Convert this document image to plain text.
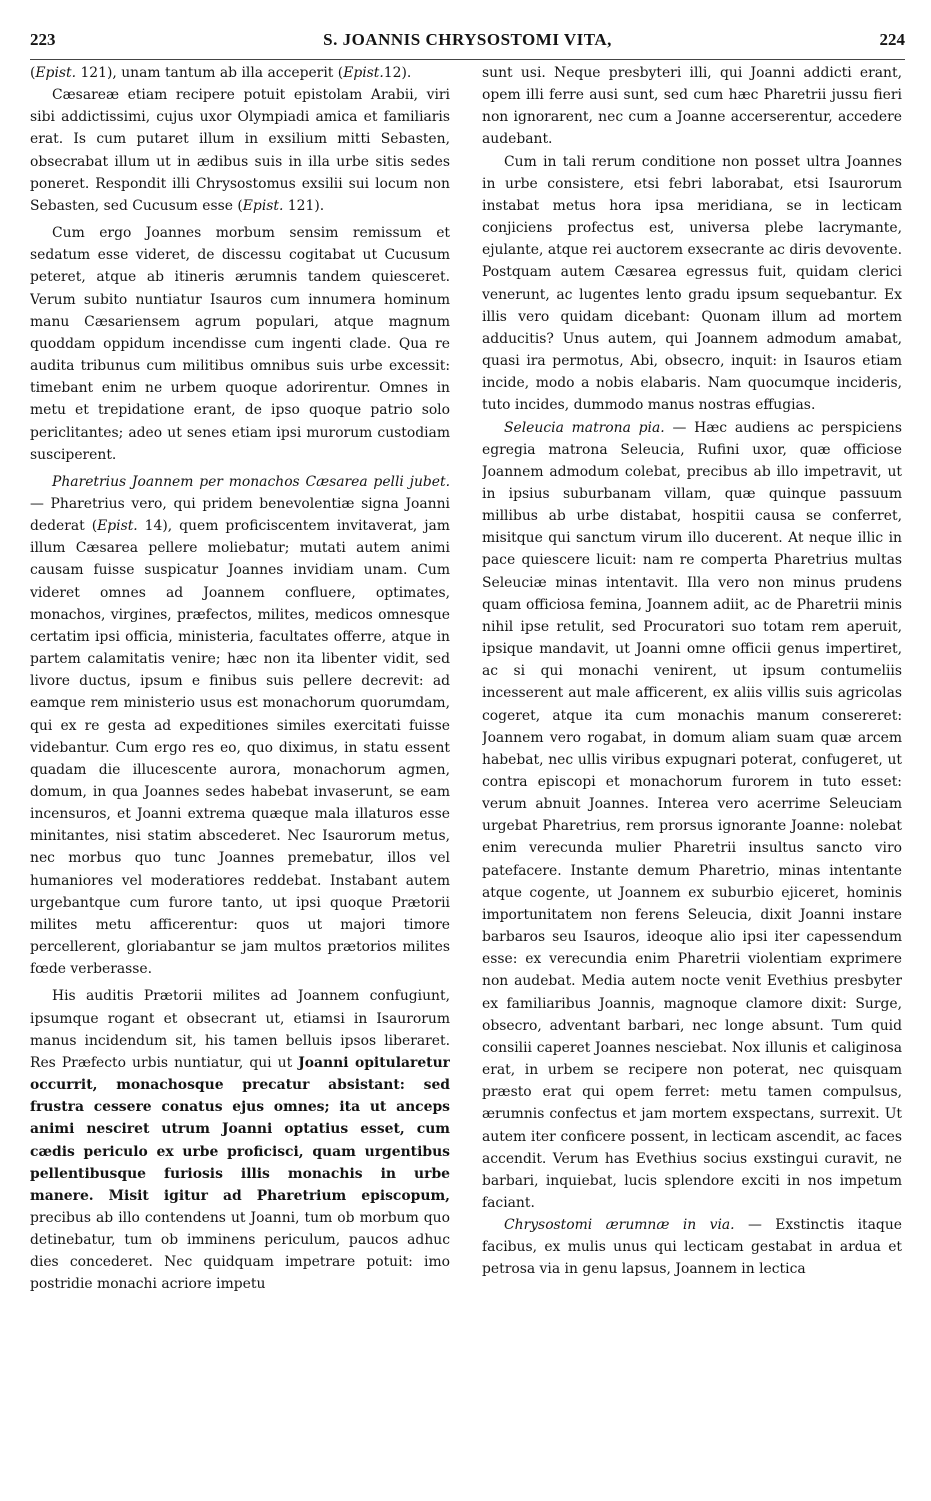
223	S. JOANNIS CHRYSOSTOMI VITA,	224

(Epist. 121), unam tantum ab illa acceperit (Epist.12).

Cæsareæ etiam recipere potuit epistolam Arabii, viri sibi addictissimi, cujus uxor Olympiadi amica et familiaris erat. Is cum putaret illum in exsilium mitti Sebasten, obsecrabat illum ut in ædibus suis in illa urbe sitis sedes poneret. Respondit illi Chrysostomus exsilii sui locum non Sebasten, sed Cucusum esse (Epist. 121).

Cum ergo Joannes morbum sensim remissum et sedatum esse videret, de discessu cogitabat ut Cucusum peteret, atque ab itineris ærumnis tandem quiesceret. Verum subito nuntiatur Isauros cum innumera hominum manu Cæsariensem agrum populari, atque magnum quoddam oppidum incendisse cum ingenti clade. Qua re audita tribunus cum militibus omnibus suis urbe excessit: timebant enim ne urbem quoque adorirentur. Omnes in metu et trepidatione erant, de ipso quoque patrio solo periclitantes; adeo ut senes etiam ipsi murorum custodiam susciperent.

Pharetrius Joannem per monachos Cæsarea pelli jubet. — Pharetrius vero, qui pridem benevolentiæ signa Joanni dederat (Epist. 14), quem proficiscentem invitaverat, jam illum Cæsarea pellere moliebatur; mutati autem animi causam fuisse suspicatur Joannes invidiam unam. Cum videret omnes ad Joannem confluere, optimates, monachos, virgines, præfectos, milites, medicos omnesque certatim ipsi officia, ministeria, facultates offerre, atque in partem calamitatis venire; hæc non ita libenter vidit, sed livore ductus, ipsum e finibus suis pellere decrevit: ad eamque rem ministerio usus est monachorum quorumdam, qui ex re gesta ad expeditiones similes exercitati fuisse videbantur. Cum ergo res eo, quo diximus, in statu essent quadam die illucescente aurora, monachorum agmen, domum, in qua Joannes sedes habebat invaserunt, se eam incensuros, et Joanni extrema quæque mala illaturos esse minitantes, nisi statim abscederet. Nec Isaurorum metus, nec morbus quo tunc Joannes premebatur, illos vel humaniores vel moderatiores reddebat. Instabant autem urgebantque cum furore tanto, ut ipsi quoque Prætorii milites metu afficerentur: quos ut majori timore percellerent, gloriabantur se jam multos prætorios milites fœde verberasse.

His auditis Prætorii milites ad Joannem confugiunt, ipsumque rogant et obsecrant ut, etiamsi in Isaurorum manus incidendum sit, his tamen belluis ipsos liberaret. Res Præfecto urbis nuntiatur, qui ut Joanni opitularetur occurrit, monachosque precatur absistant: sed frustra cessere conatus ejus omnes; ita ut anceps animi nesciret utrum Joanni optatius esset, cum cædis periculo ex urbe proficisci, quam urgentibus pellentibusque furiosis illis monachis in urbe manere. Misit igitur ad Pharetrium episcopum, precibus ab illo contendens ut Joanni, tum ob morbum quo detinebatur, tum ob imminens periculum, paucos adhuc dies concederet. Nec quidquam impetrare potuit: imo postridie monachi acriore impetu

sunt usi. Neque presbyteri illi, qui Joanni addicti erant, opem illi ferre ausi sunt, sed cum hæc Pharetrii jussu fieri non ignorarent, nec cum a Joanne accerserentur, accedere audebant.

Cum in tali rerum conditione non posset ultra Joannes in urbe consistere, etsi febri laborabat, etsi Isaurorum instabat metus hora ipsa meridiana, se in lecticam conjiciens profectus est, universa plebe lacrymante, ejulante, atque rei auctorem exsecrante ac diris devovente. Postquam autem Cæsarea egressus fuit, quidam clerici venerunt, ac lugentes lento gradu ipsum sequebantur. Ex illis vero quidam dicebant: Quonam illum ad mortem adducitis? Unus autem, qui Joannem admodum amabat, quasi ira permotus, Abi, obsecro, inquit: in Isauros etiam incide, modo a nobis elabaris. Nam quocumque incideris, tuto incides, dummodo manus nostras effugias.

Seleucia matrona pia. — Hæc audiens ac perspiciens egregia matrona Seleucia, Rufini uxor, quæ officiose Joannem admodum colebat, precibus ab illo impetravit, ut in ipsius suburbanam villam, quæ quinque passuum millibus ab urbe distabat, hospitii causa se conferret, misitque qui sanctum virum illo ducerent. At neque illic in pace quiescere licuit: nam re comperta Pharetrius multas Seleuciæ minas intentavit. Illa vero non minus prudens quam officiosa femina, Joannem adiit, ac de Pharetrii minis nihil ipse retulit, sed Procuratori suo totam rem aperuit, ipsique mandavit, ut Joanni omne officii genus impertiret, ac si qui monachi venirent, ut ipsum contumeliis incesserent aut male afficerent, ex aliis villis suis agricolas cogeret, atque ita cum monachis manum consereret: Joannem vero rogabat, in domum aliam suam quæ arcem habebat, nec ullis viribus expugnari poterat, confugeret, ut contra episcopi et monachorum furorem in tuto esset: verum abnuit Joannes. Interea vero acerrime Seleuciam urgebat Pharetrius, rem prorsus ignorante Joanne: nolebat enim verecunda mulier Pharetrii insultus sancto viro patefacere. Instante demum Pharetrio, minas intentante atque cogente, ut Joannem ex suburbio ejiceret, hominis importunitatem non ferens Seleucia, dixit Joanni instare barbaros seu Isauros, ideoque alio ipsi iter capessendum esse: ex verecundia enim Pharetrii violentiam exprimere non audebat. Media autem nocte venit Evethius presbyter ex familiaribus Joannis, magnoque clamore dixit: Surge, obsecro, adventant barbari, nec longe absunt. Tum quid consilii caperet Joannes nesciebat. Nox illunis et caliginosa erat, in urbem se recipere non poterat, nec quisquam præsto erat qui opem ferret: metu tamen compulsus, ærumnis confectus et jam mortem exspectans, surrexit. Ut autem iter conficere possent, in lecticam ascendit, ac faces accendit. Verum has Evethius socius exstingui curavit, ne barbari, inquiebat, lucis splendore exciti in nos impetum faciant.

Chrysostomi ærumnæ in via. — Exstinctis itaque facibus, ex mulis unus qui lecticam gestabat in ardua et petrosa via in genu lapsus, Joannem in lectica
